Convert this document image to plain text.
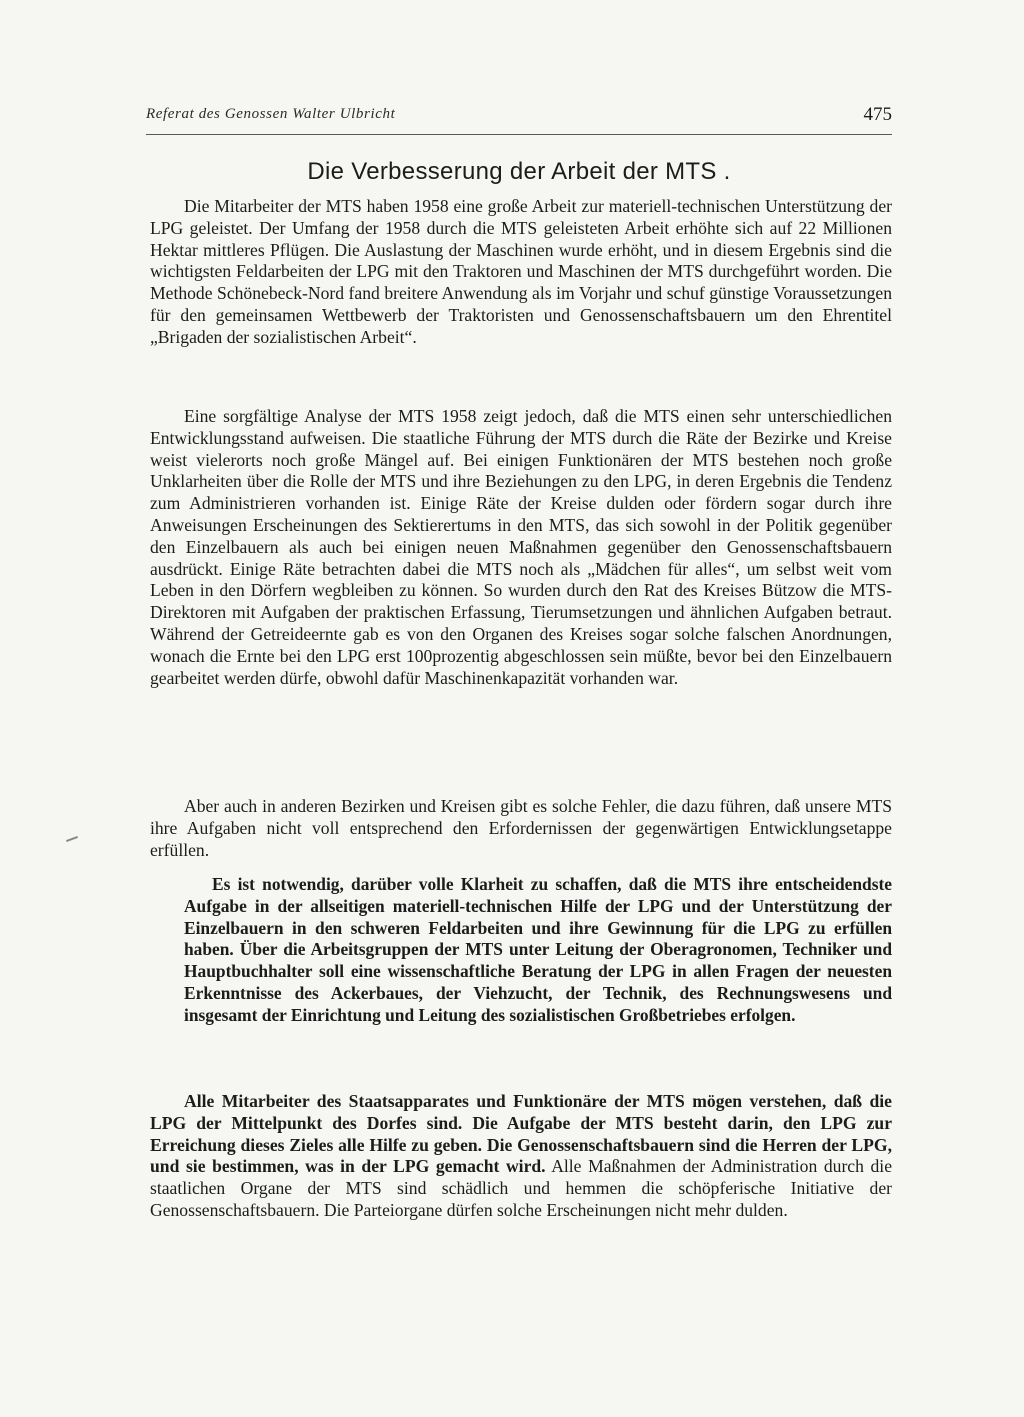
Referat des Genossen Walter Ulbricht	475
Die Verbesserung der Arbeit der MTS .

Die Mitarbeiter der MTS haben 1958 eine große Arbeit zur materiell-technischen Unterstützung der LPG geleistet. Der Umfang der 1958 durch die MTS geleisteten Arbeit erhöhte sich auf 22 Millionen Hektar mittleres Pflügen. Die Auslastung der Maschinen wurde erhöht, und in diesem Ergebnis sind die wichtigsten Feldarbeiten der LPG mit den Traktoren und Maschinen der MTS durchgeführt worden. Die Methode Schönebeck-Nord fand breitere Anwendung als im Vorjahr und schuf günstige Voraussetzungen für den gemeinsamen Wettbewerb der Traktoristen und Genossenschaftsbauern um den Ehrentitel „Brigaden der sozialistischen Arbeit“.

Eine sorgfältige Analyse der MTS 1958 zeigt jedoch, daß die MTS einen sehr unterschiedlichen Entwicklungsstand aufweisen. Die staatliche Führung der MTS durch die Räte der Bezirke und Kreise weist vielerorts noch große Mängel auf. Bei einigen Funktionären der MTS bestehen noch große Unklarheiten über die Rolle der MTS und ihre Beziehungen zu den LPG, in deren Ergebnis die Tendenz zum Administrieren vorhanden ist. Einige Räte der Kreise dulden oder fördern sogar durch ihre Anweisungen Erscheinungen des Sektierertums in den MTS, das sich sowohl in der Politik gegenüber den Einzelbauern als auch bei einigen neuen Maßnahmen gegenüber den Genossenschaftsbauern ausdrückt. Einige Räte betrachten dabei die MTS noch als „Mädchen für alles“, um selbst weit vom Leben in den Dörfern wegbleiben zu können. So wurden durch den Rat des Kreises Bützow die MTS-Direktoren mit Aufgaben der praktischen Erfassung, Tierumsetzungen und ähnlichen Aufgaben betraut. Während der Getreideernte gab es von den Organen des Kreises sogar solche falschen Anordnungen, wonach die Ernte bei den LPG erst 100prozentig abgeschlossen sein müßte, bevor bei den Einzelbauern gearbeitet werden dürfe, obwohl dafür Maschinenkapazität vorhanden war.

Aber auch in anderen Bezirken und Kreisen gibt es solche Fehler, die dazu führen, daß unsere MTS ihre Aufgaben nicht voll entsprechend den Erfordernissen der gegenwärtigen Entwicklungsetappe erfüllen.

Es ist notwendig, darüber volle Klarheit zu schaffen, daß die MTS ihre entscheidendste Aufgabe in der allseitigen materiell-technischen Hilfe der LPG und der Unterstützung der Einzelbauern in den schweren Feldarbeiten und ihre Gewinnung für die LPG zu erfüllen haben. Über die Arbeitsgruppen der MTS unter Leitung der Oberagronomen, Techniker und Hauptbuchhalter soll eine wissenschaftliche Beratung der LPG in allen Fragen der neuesten Erkenntnisse des Ackerbaues, der Viehzucht, der Technik, des Rechnungswesens und insgesamt der Einrichtung und Leitung des sozialistischen Großbetriebes erfolgen.

Alle Mitarbeiter des Staatsapparates und Funktionäre der MTS mögen verstehen, daß die LPG der Mittelpunkt des Dorfes sind. Die Aufgabe der MTS besteht darin, den LPG zur Erreichung dieses Zieles alle Hilfe zu geben. Die Genossenschaftsbauern sind die Herren der LPG, und sie bestimmen, was in der LPG gemacht wird. Alle Maßnahmen der Administration durch die staatlichen Organe der MTS sind schädlich und hemmen die schöpferische Initiative der Genossenschaftsbauern. Die Parteiorgane dürfen solche Erscheinungen nicht mehr dulden.
